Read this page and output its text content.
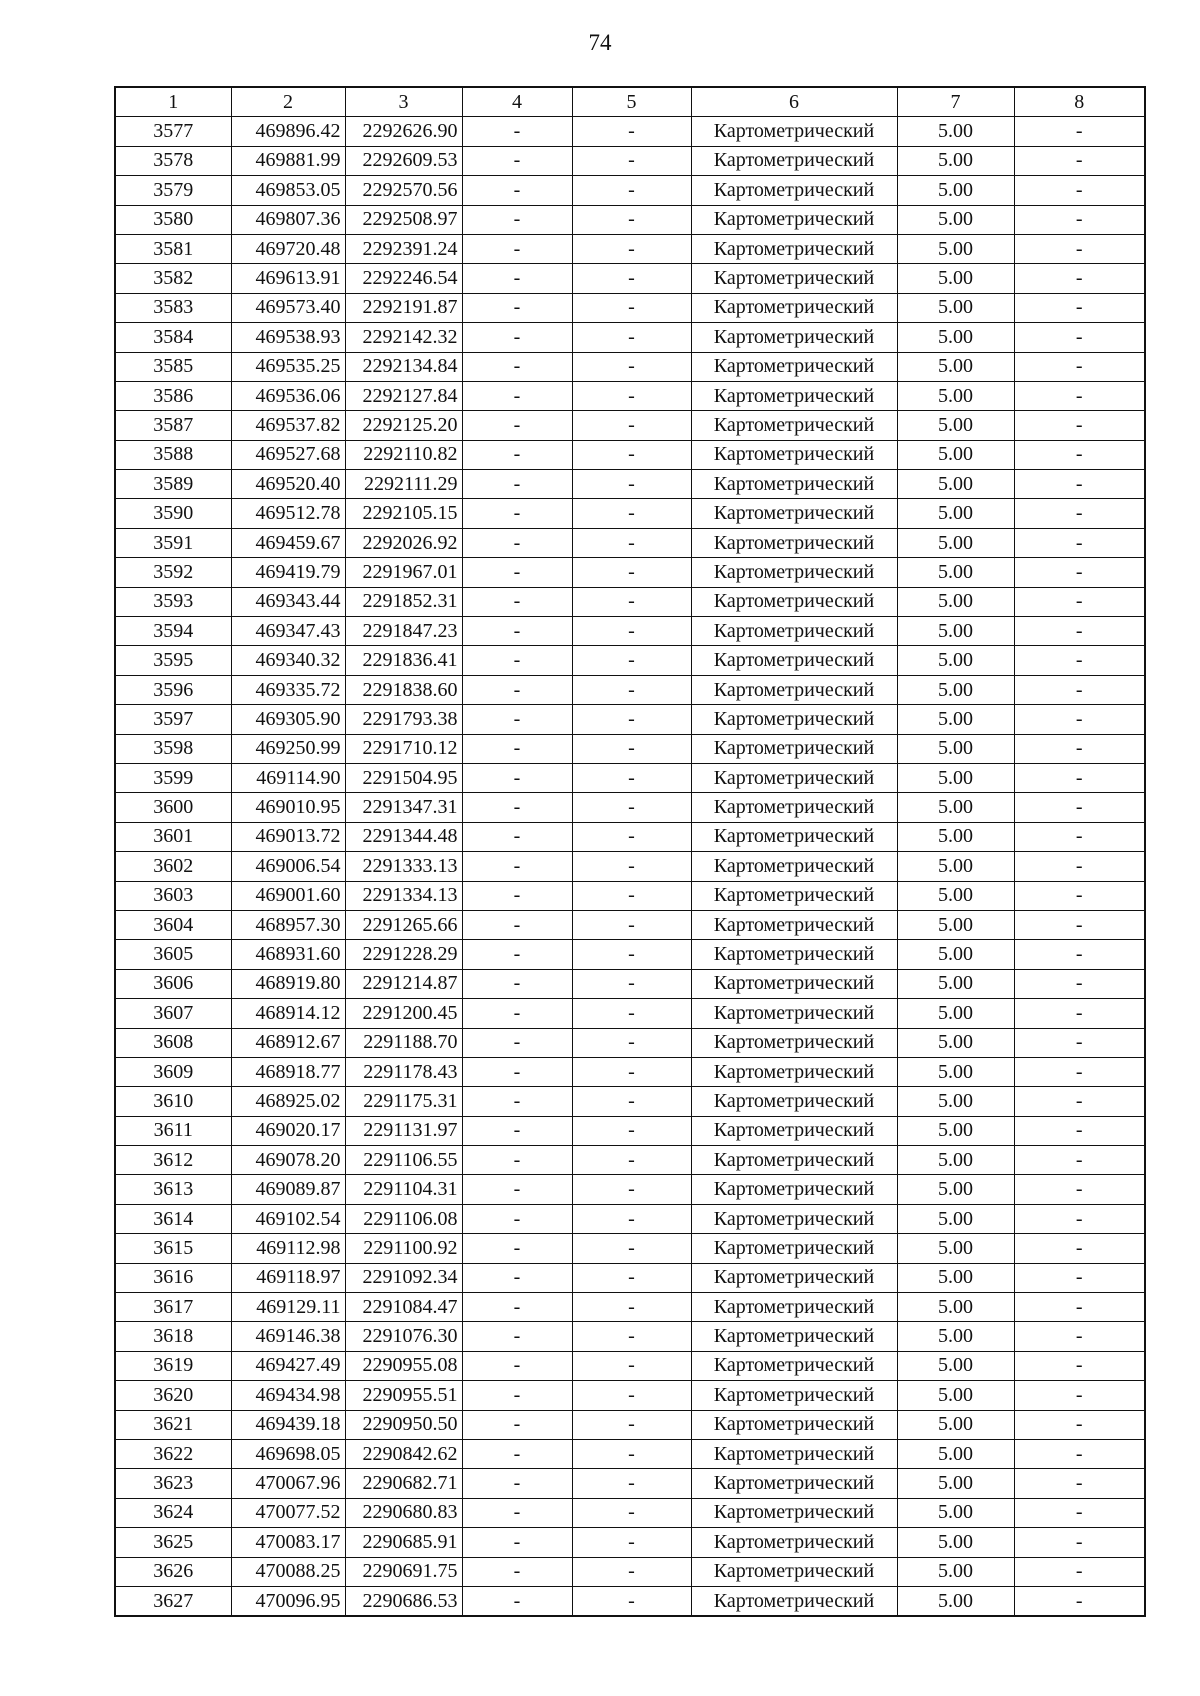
74
1	2	3	4	5	6	7	8
3577	469896.42	2292626.90	-	-	Картометрический	5.00	-
3578	469881.99	2292609.53	-	-	Картометрический	5.00	-
3579	469853.05	2292570.56	-	-	Картометрический	5.00	-
3580	469807.36	2292508.97	-	-	Картометрический	5.00	-
3581	469720.48	2292391.24	-	-	Картометрический	5.00	-
3582	469613.91	2292246.54	-	-	Картометрический	5.00	-
3583	469573.40	2292191.87	-	-	Картометрический	5.00	-
3584	469538.93	2292142.32	-	-	Картометрический	5.00	-
3585	469535.25	2292134.84	-	-	Картометрический	5.00	-
3586	469536.06	2292127.84	-	-	Картометрический	5.00	-
3587	469537.82	2292125.20	-	-	Картометрический	5.00	-
3588	469527.68	2292110.82	-	-	Картометрический	5.00	-
3589	469520.40	2292111.29	-	-	Картометрический	5.00	-
3590	469512.78	2292105.15	-	-	Картометрический	5.00	-
3591	469459.67	2292026.92	-	-	Картометрический	5.00	-
3592	469419.79	2291967.01	-	-	Картометрический	5.00	-
3593	469343.44	2291852.31	-	-	Картометрический	5.00	-
3594	469347.43	2291847.23	-	-	Картометрический	5.00	-
3595	469340.32	2291836.41	-	-	Картометрический	5.00	-
3596	469335.72	2291838.60	-	-	Картометрический	5.00	-
3597	469305.90	2291793.38	-	-	Картометрический	5.00	-
3598	469250.99	2291710.12	-	-	Картометрический	5.00	-
3599	469114.90	2291504.95	-	-	Картометрический	5.00	-
3600	469010.95	2291347.31	-	-	Картометрический	5.00	-
3601	469013.72	2291344.48	-	-	Картометрический	5.00	-
3602	469006.54	2291333.13	-	-	Картометрический	5.00	-
3603	469001.60	2291334.13	-	-	Картометрический	5.00	-
3604	468957.30	2291265.66	-	-	Картометрический	5.00	-
3605	468931.60	2291228.29	-	-	Картометрический	5.00	-
3606	468919.80	2291214.87	-	-	Картометрический	5.00	-
3607	468914.12	2291200.45	-	-	Картометрический	5.00	-
3608	468912.67	2291188.70	-	-	Картометрический	5.00	-
3609	468918.77	2291178.43	-	-	Картометрический	5.00	-
3610	468925.02	2291175.31	-	-	Картометрический	5.00	-
3611	469020.17	2291131.97	-	-	Картометрический	5.00	-
3612	469078.20	2291106.55	-	-	Картометрический	5.00	-
3613	469089.87	2291104.31	-	-	Картометрический	5.00	-
3614	469102.54	2291106.08	-	-	Картометрический	5.00	-
3615	469112.98	2291100.92	-	-	Картометрический	5.00	-
3616	469118.97	2291092.34	-	-	Картометрический	5.00	-
3617	469129.11	2291084.47	-	-	Картометрический	5.00	-
3618	469146.38	2291076.30	-	-	Картометрический	5.00	-
3619	469427.49	2290955.08	-	-	Картометрический	5.00	-
3620	469434.98	2290955.51	-	-	Картометрический	5.00	-
3621	469439.18	2290950.50	-	-	Картометрический	5.00	-
3622	469698.05	2290842.62	-	-	Картометрический	5.00	-
3623	470067.96	2290682.71	-	-	Картометрический	5.00	-
3624	470077.52	2290680.83	-	-	Картометрический	5.00	-
3625	470083.17	2290685.91	-	-	Картометрический	5.00	-
3626	470088.25	2290691.75	-	-	Картометрический	5.00	-
3627	470096.95	2290686.53	-	-	Картометрический	5.00	-
